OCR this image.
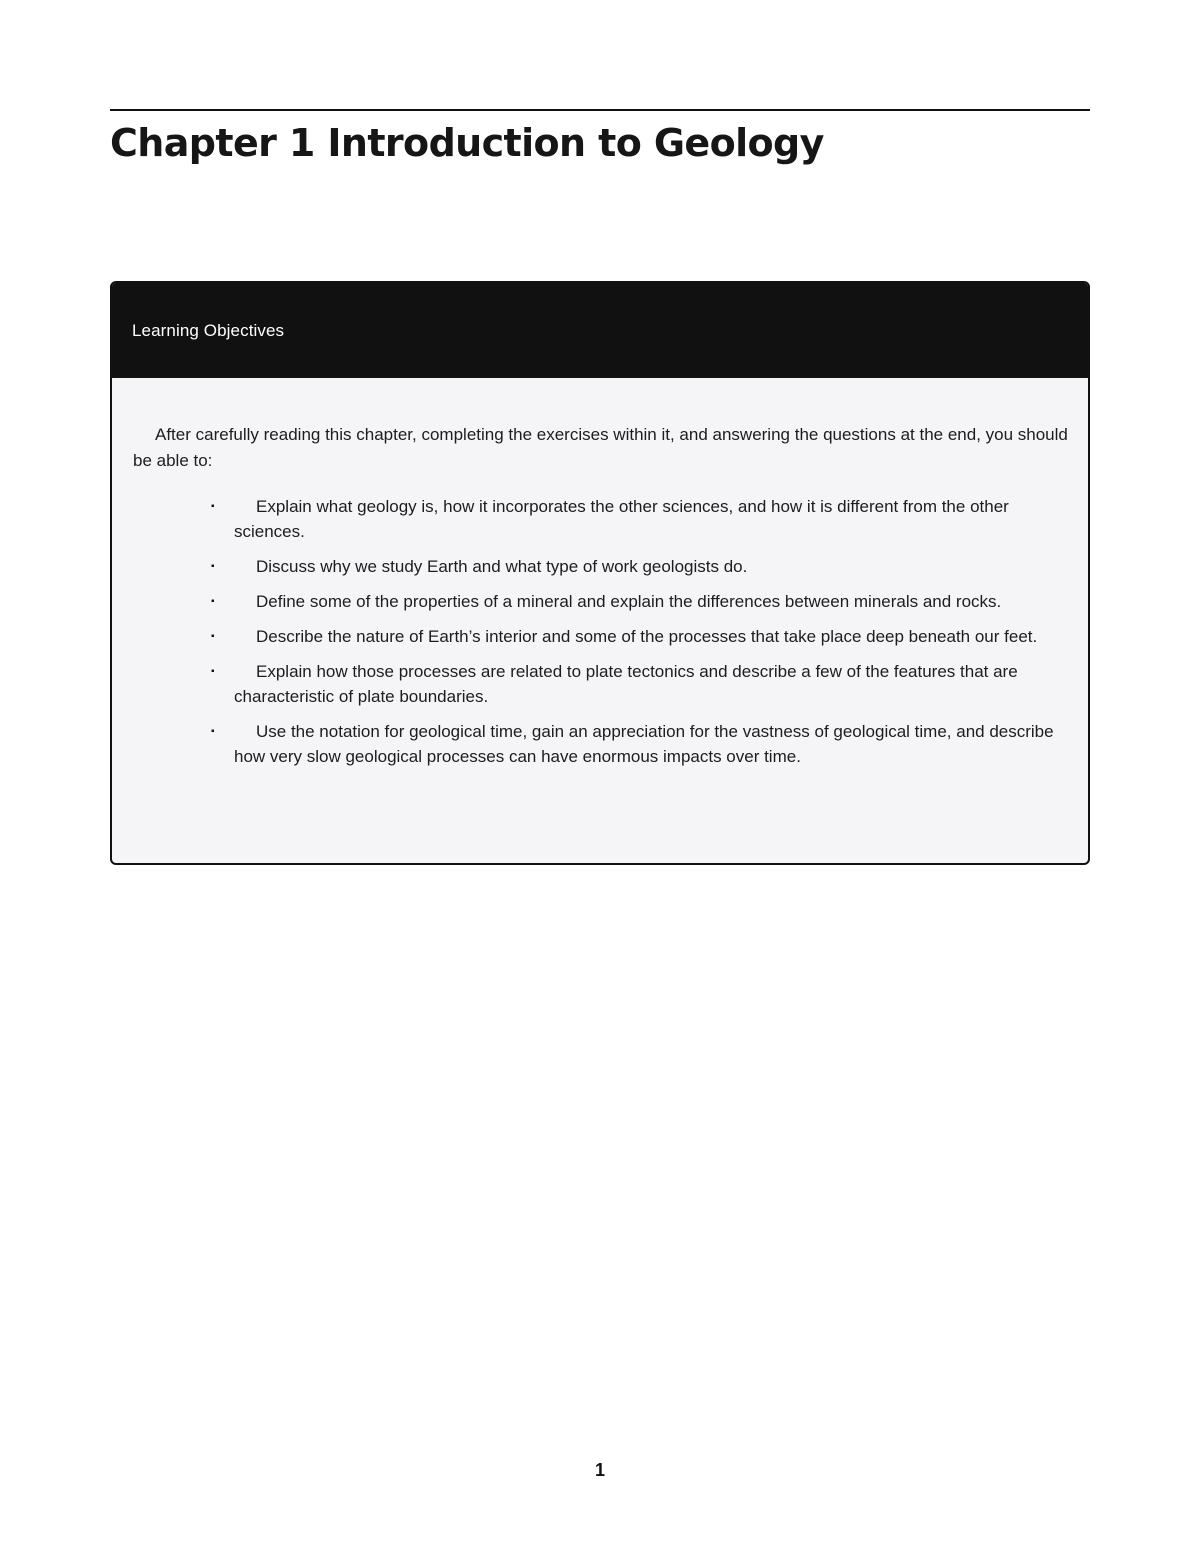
Chapter 1 Introduction to Geology
Learning Objectives

After carefully reading this chapter, completing the exercises within it, and answering the questions at the end, you should be able to:

▪ Explain what geology is, how it incorporates the other sciences, and how it is different from the other sciences.
▪ Discuss why we study Earth and what type of work geologists do.
▪ Define some of the properties of a mineral and explain the differences between minerals and rocks.
▪ Describe the nature of Earth’s interior and some of the processes that take place deep beneath our feet.
▪ Explain how those processes are related to plate tectonics and describe a few of the features that are characteristic of plate boundaries.
▪ Use the notation for geological time, gain an appreciation for the vastness of geological time, and describe how very slow geological processes can have enormous impacts over time.
1
